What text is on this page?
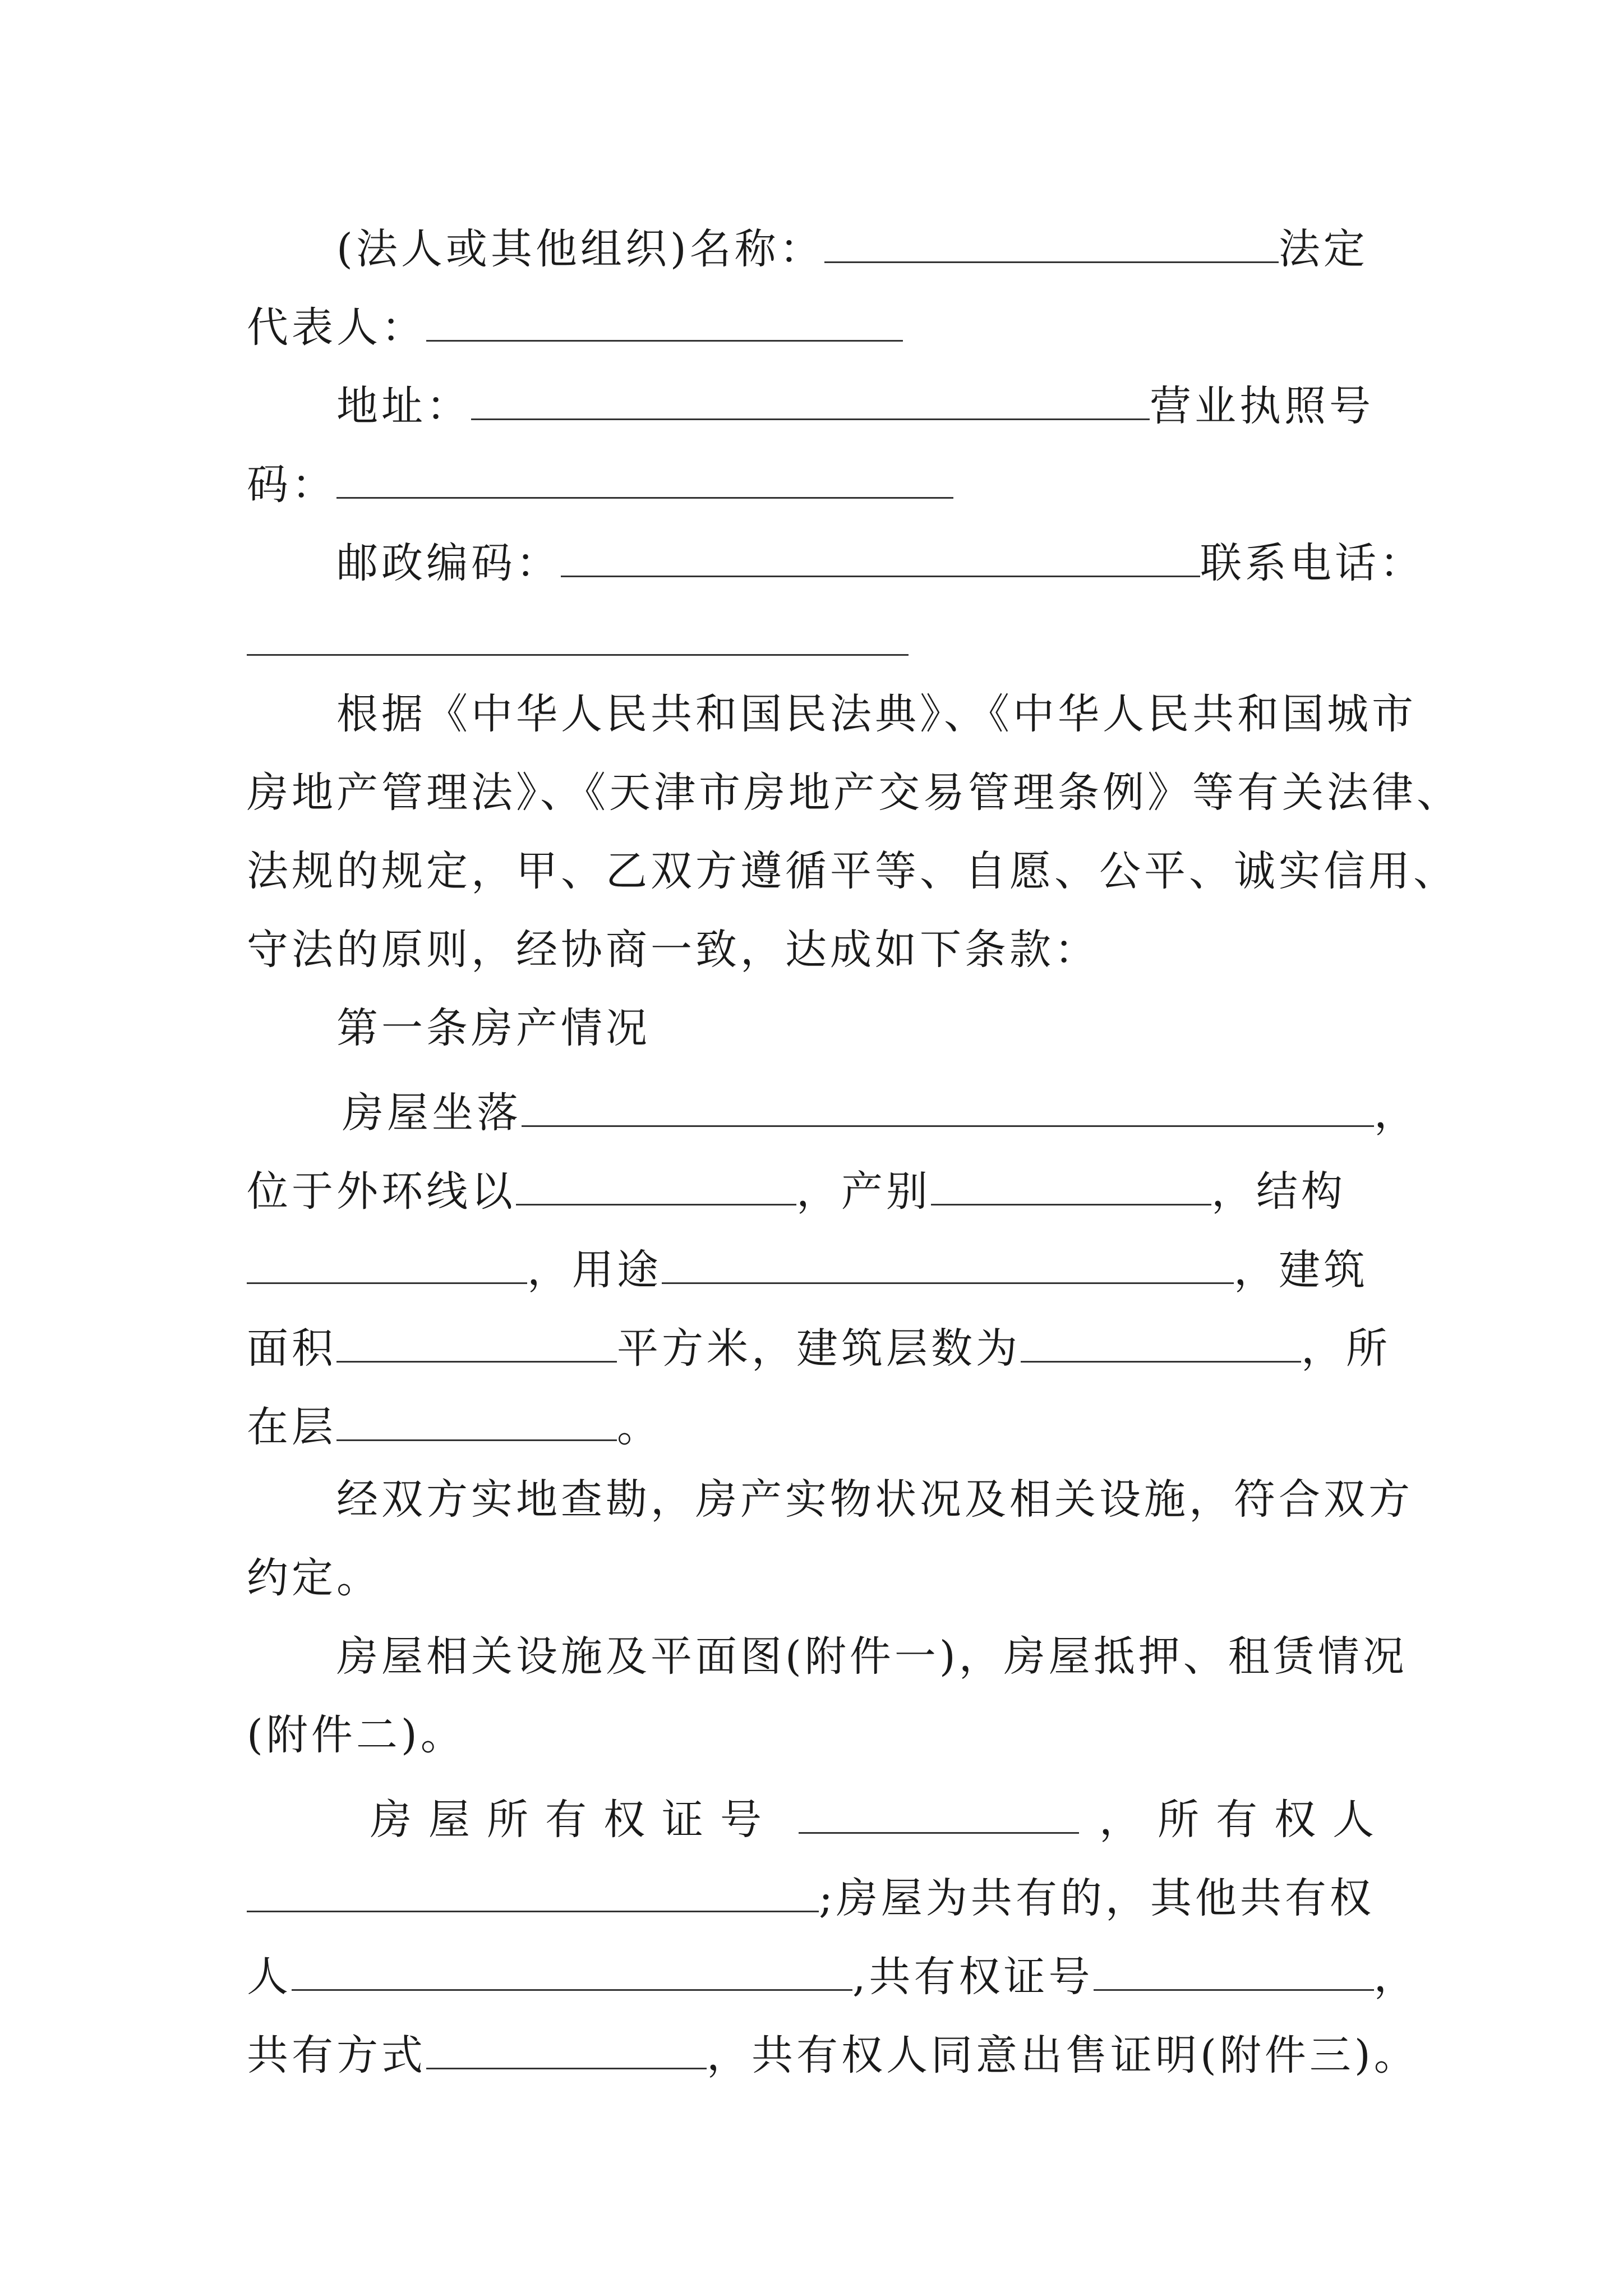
(法人或其他组织)名称：	法定
代表人：
地址：	营业执照号
码：
邮政编码：	联系电话：
根据《中华人民共和国民法典》、《中华人民共和国城市
房地产管理法》、《天津市房地产交易管理条例》等有关法律、
法规的规定，甲、乙双方遵循平等、自愿、公平、诚实信用、
守法的原则，经协商一致，达成如下条款：
第一条房产情况
房屋坐落	，
位于外环线以	，产别	，结构
，用途	，建筑
面积	平方米，建筑层数为	，所
在层	。
经双方实地查勘，房产实物状况及相关设施，符合双方
约定。
房屋相关设施及平面图(附件一)，房屋抵押、租赁情况
(附件二)。
房屋所有权证号	，所有权人
;房屋为共有的，其他共有权
人	,共有权证号	，
共有方式	，共有权人同意出售证明(附件三)。
